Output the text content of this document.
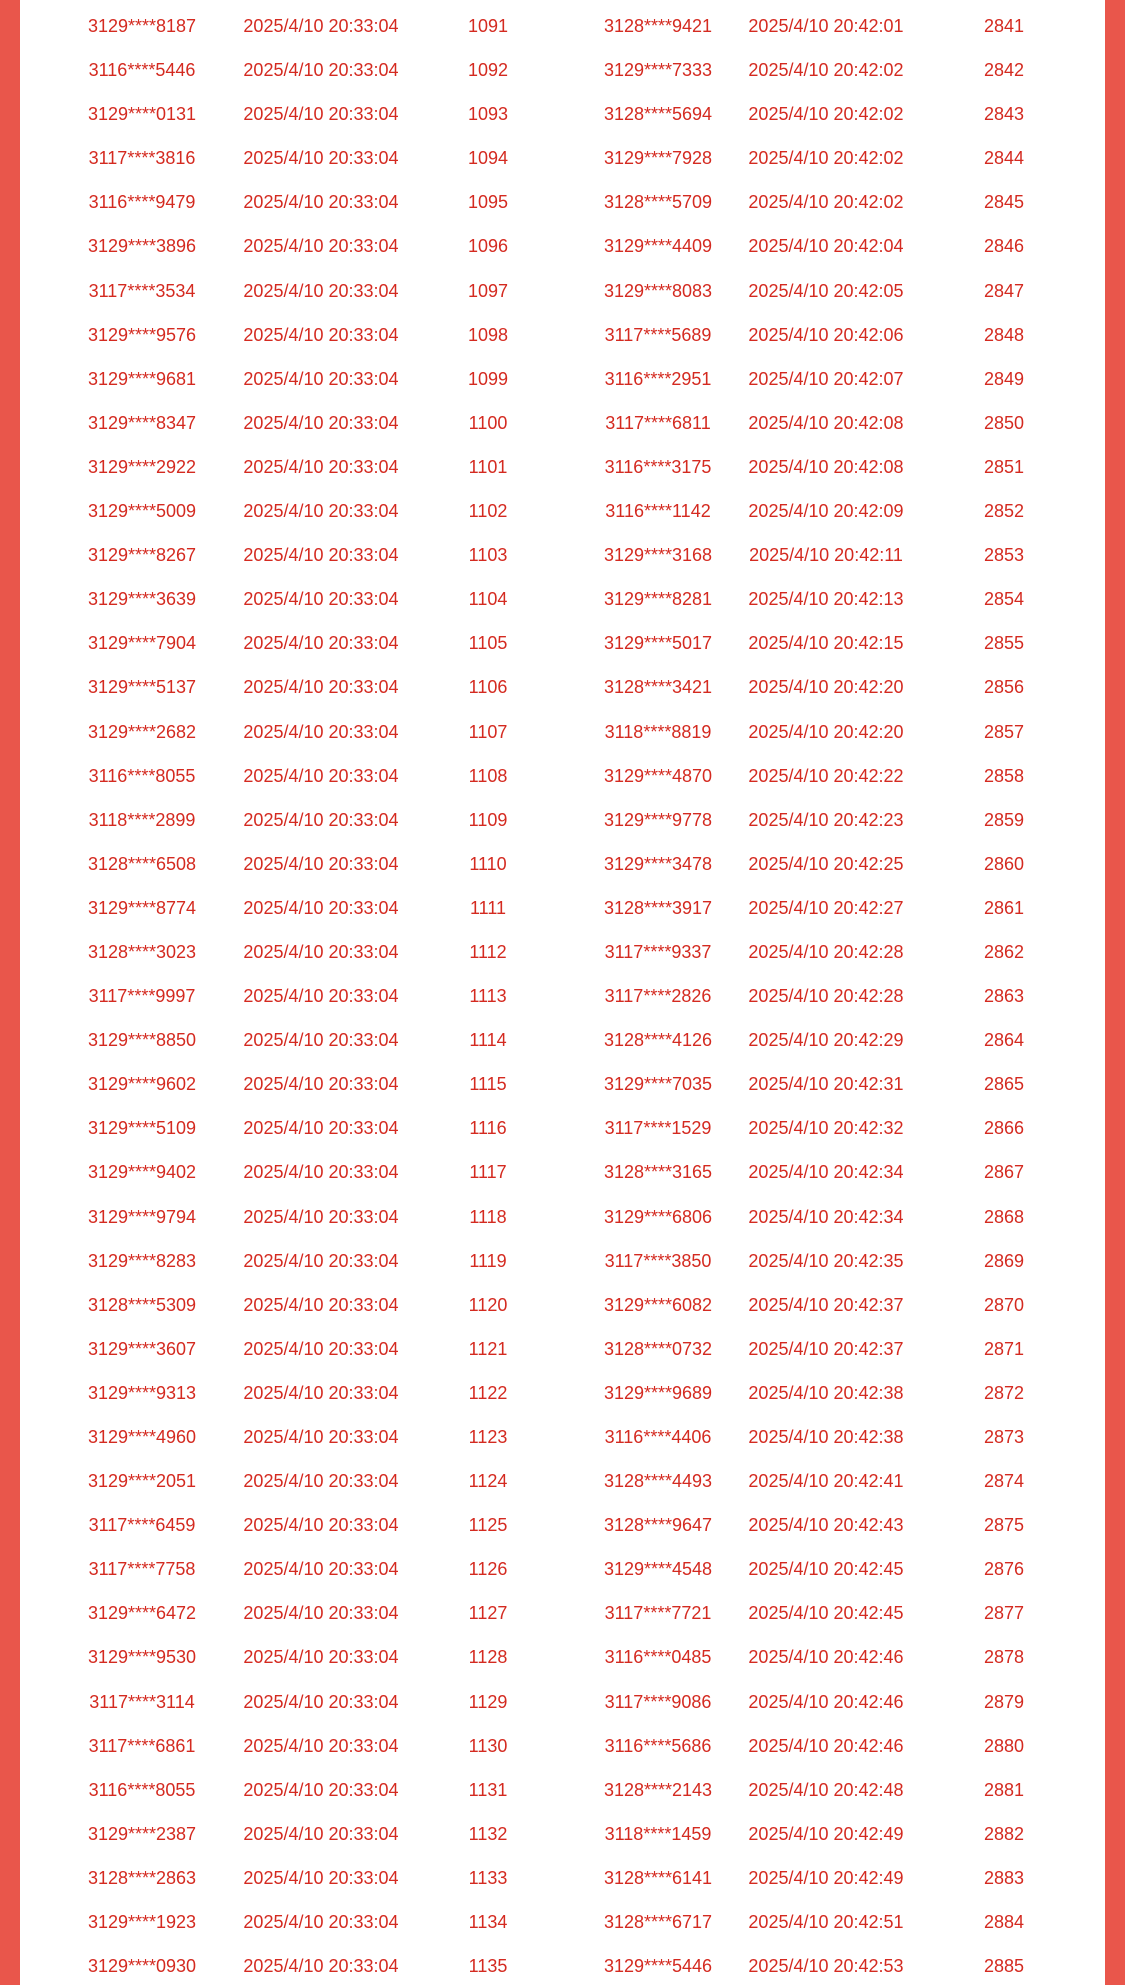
3129****8187	2025/4/10 20:33:04	1091	3128****9421	2025/4/10 20:42:01	2841
3116****5446	2025/4/10 20:33:04	1092	3129****7333	2025/4/10 20:42:02	2842
3129****0131	2025/4/10 20:33:04	1093	3128****5694	2025/4/10 20:42:02	2843
3117****3816	2025/4/10 20:33:04	1094	3129****7928	2025/4/10 20:42:02	2844
3116****9479	2025/4/10 20:33:04	1095	3128****5709	2025/4/10 20:42:02	2845
3129****3896	2025/4/10 20:33:04	1096	3129****4409	2025/4/10 20:42:04	2846
3117****3534	2025/4/10 20:33:04	1097	3129****8083	2025/4/10 20:42:05	2847
3129****9576	2025/4/10 20:33:04	1098	3117****5689	2025/4/10 20:42:06	2848
3129****9681	2025/4/10 20:33:04	1099	3116****2951	2025/4/10 20:42:07	2849
3129****8347	2025/4/10 20:33:04	1100	3117****6811	2025/4/10 20:42:08	2850
3129****2922	2025/4/10 20:33:04	1101	3116****3175	2025/4/10 20:42:08	2851
3129****5009	2025/4/10 20:33:04	1102	3116****1142	2025/4/10 20:42:09	2852
3129****8267	2025/4/10 20:33:04	1103	3129****3168	2025/4/10 20:42:11	2853
3129****3639	2025/4/10 20:33:04	1104	3129****8281	2025/4/10 20:42:13	2854
3129****7904	2025/4/10 20:33:04	1105	3129****5017	2025/4/10 20:42:15	2855
3129****5137	2025/4/10 20:33:04	1106	3128****3421	2025/4/10 20:42:20	2856
3129****2682	2025/4/10 20:33:04	1107	3118****8819	2025/4/10 20:42:20	2857
3116****8055	2025/4/10 20:33:04	1108	3129****4870	2025/4/10 20:42:22	2858
3118****2899	2025/4/10 20:33:04	1109	3129****9778	2025/4/10 20:42:23	2859
3128****6508	2025/4/10 20:33:04	1110	3129****3478	2025/4/10 20:42:25	2860
3129****8774	2025/4/10 20:33:04	1111	3128****3917	2025/4/10 20:42:27	2861
3128****3023	2025/4/10 20:33:04	1112	3117****9337	2025/4/10 20:42:28	2862
3117****9997	2025/4/10 20:33:04	1113	3117****2826	2025/4/10 20:42:28	2863
3129****8850	2025/4/10 20:33:04	1114	3128****4126	2025/4/10 20:42:29	2864
3129****9602	2025/4/10 20:33:04	1115	3129****7035	2025/4/10 20:42:31	2865
3129****5109	2025/4/10 20:33:04	1116	3117****1529	2025/4/10 20:42:32	2866
3129****9402	2025/4/10 20:33:04	1117	3128****3165	2025/4/10 20:42:34	2867
3129****9794	2025/4/10 20:33:04	1118	3129****6806	2025/4/10 20:42:34	2868
3129****8283	2025/4/10 20:33:04	1119	3117****3850	2025/4/10 20:42:35	2869
3128****5309	2025/4/10 20:33:04	1120	3129****6082	2025/4/10 20:42:37	2870
3129****3607	2025/4/10 20:33:04	1121	3128****0732	2025/4/10 20:42:37	2871
3129****9313	2025/4/10 20:33:04	1122	3129****9689	2025/4/10 20:42:38	2872
3129****4960	2025/4/10 20:33:04	1123	3116****4406	2025/4/10 20:42:38	2873
3129****2051	2025/4/10 20:33:04	1124	3128****4493	2025/4/10 20:42:41	2874
3117****6459	2025/4/10 20:33:04	1125	3128****9647	2025/4/10 20:42:43	2875
3117****7758	2025/4/10 20:33:04	1126	3129****4548	2025/4/10 20:42:45	2876
3129****6472	2025/4/10 20:33:04	1127	3117****7721	2025/4/10 20:42:45	2877
3129****9530	2025/4/10 20:33:04	1128	3116****0485	2025/4/10 20:42:46	2878
3117****3114	2025/4/10 20:33:04	1129	3117****9086	2025/4/10 20:42:46	2879
3117****6861	2025/4/10 20:33:04	1130	3116****5686	2025/4/10 20:42:46	2880
3116****8055	2025/4/10 20:33:04	1131	3128****2143	2025/4/10 20:42:48	2881
3129****2387	2025/4/10 20:33:04	1132	3118****1459	2025/4/10 20:42:49	2882
3128****2863	2025/4/10 20:33:04	1133	3128****6141	2025/4/10 20:42:49	2883
3129****1923	2025/4/10 20:33:04	1134	3128****6717	2025/4/10 20:42:51	2884
3129****0930	2025/4/10 20:33:04	1135	3129****5446	2025/4/10 20:42:53	2885
